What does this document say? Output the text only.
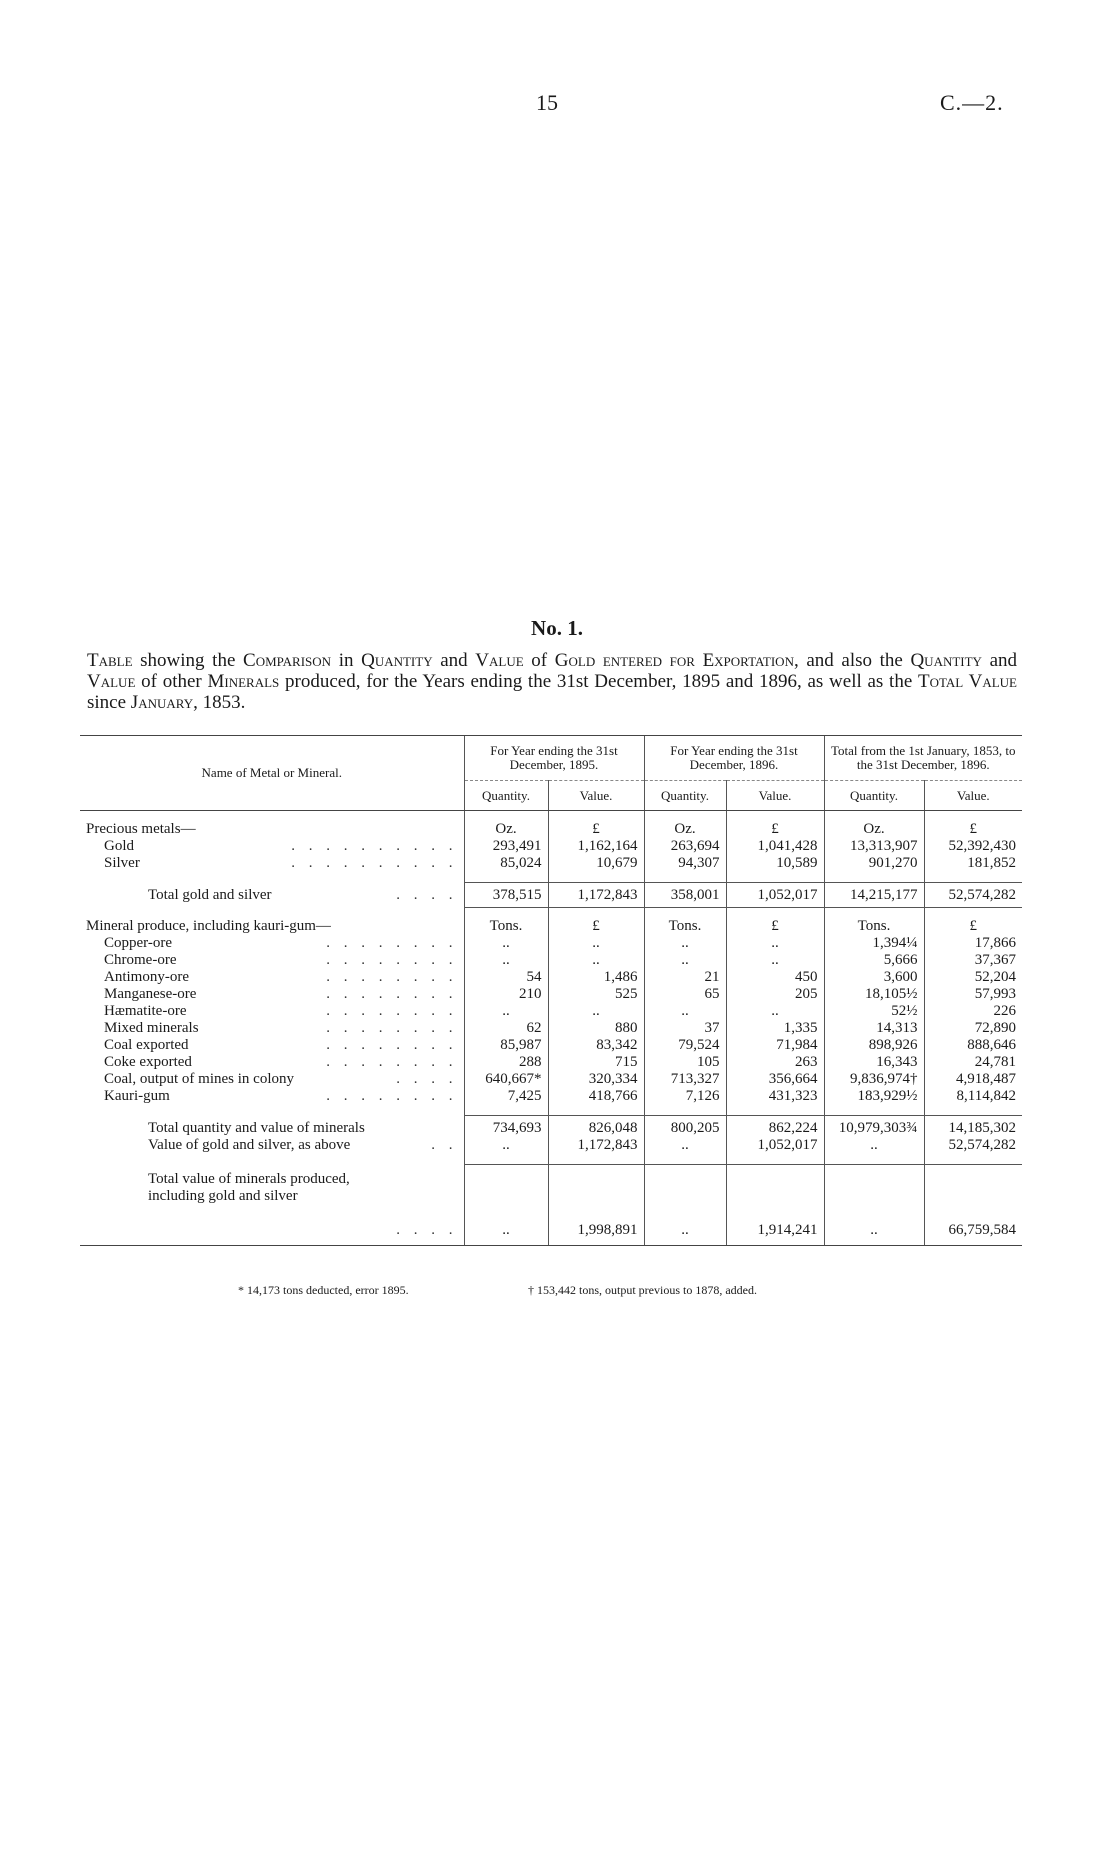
15	C.—2.
No. 1.
Table showing the Comparison in Quantity and Value of Gold entered for Exportation, and also the Quantity and Value of other Minerals produced, for the Years ending the 31st December, 1895 and 1896, as well as the Total Value since January, 1853.

Name of Metal or Mineral.	For Year ending the 31st December, 1895.		For Year ending the 31st December, 1896.		Total from the 1st January, 1853, to the 31st December, 1896.	
	Quantity.	Value.	Quantity.	Value.	Quantity.	Value.

Precious metals—	Oz.	£	Oz.	£	Oz.	£
Gold . . . . . . . . . .	293,491	1,162,164	263,694	1,041,428	13,313,907	52,392,430
Silver . . . . . . . . . .	85,024	10,679	94,307	10,589	901,270	181,852

Total gold and silver . . . .	378,515	1,172,843	358,001	1,052,017	14,215,177	52,574,282

Mineral produce, including kauri-gum—	Tons.	£	Tons.	£	Tons.	£
Copper-ore . . . . . . . .	..	..	..	..	1,394¼	17,866
Chrome-ore . . . . . . . .	..	..	..	..	5,666	37,367
Antimony-ore . . . . . . . .	54	1,486	21	450	3,600	52,204
Manganese-ore . . . . . . . .	210	525	65	205	18,105½	57,993
Hæmatite-ore . . . . . . . .	..	..	..	..	52½	226
Mixed minerals . . . . . . . .	62	880	37	1,335	14,313	72,890
Coal exported . . . . . . . .	85,987	83,342	79,524	71,984	898,926	888,646
Coke exported . . . . . . . .	288	715	105	263	16,343	24,781
Coal, output of mines in colony . . . .	640,667*	320,334	713,327	356,664	9,836,974†	4,918,487
Kauri-gum . . . . . . . .	7,425	418,766	7,126	431,323	183,929½	8,114,842

Total quantity and value of minerals	734,693	826,048	800,205	862,224	10,979,303¾	14,185,302
Value of gold and silver, as above . .	..	1,172,843	..	1,052,017	..	52,574,282

Total value of minerals produced, including gold and silver
. . . .	..	1,998,891	..	1,914,241	..	66,759,584

* 14,173 tons deducted, error 1895.	† 153,442 tons, output previous to 1878, added.
